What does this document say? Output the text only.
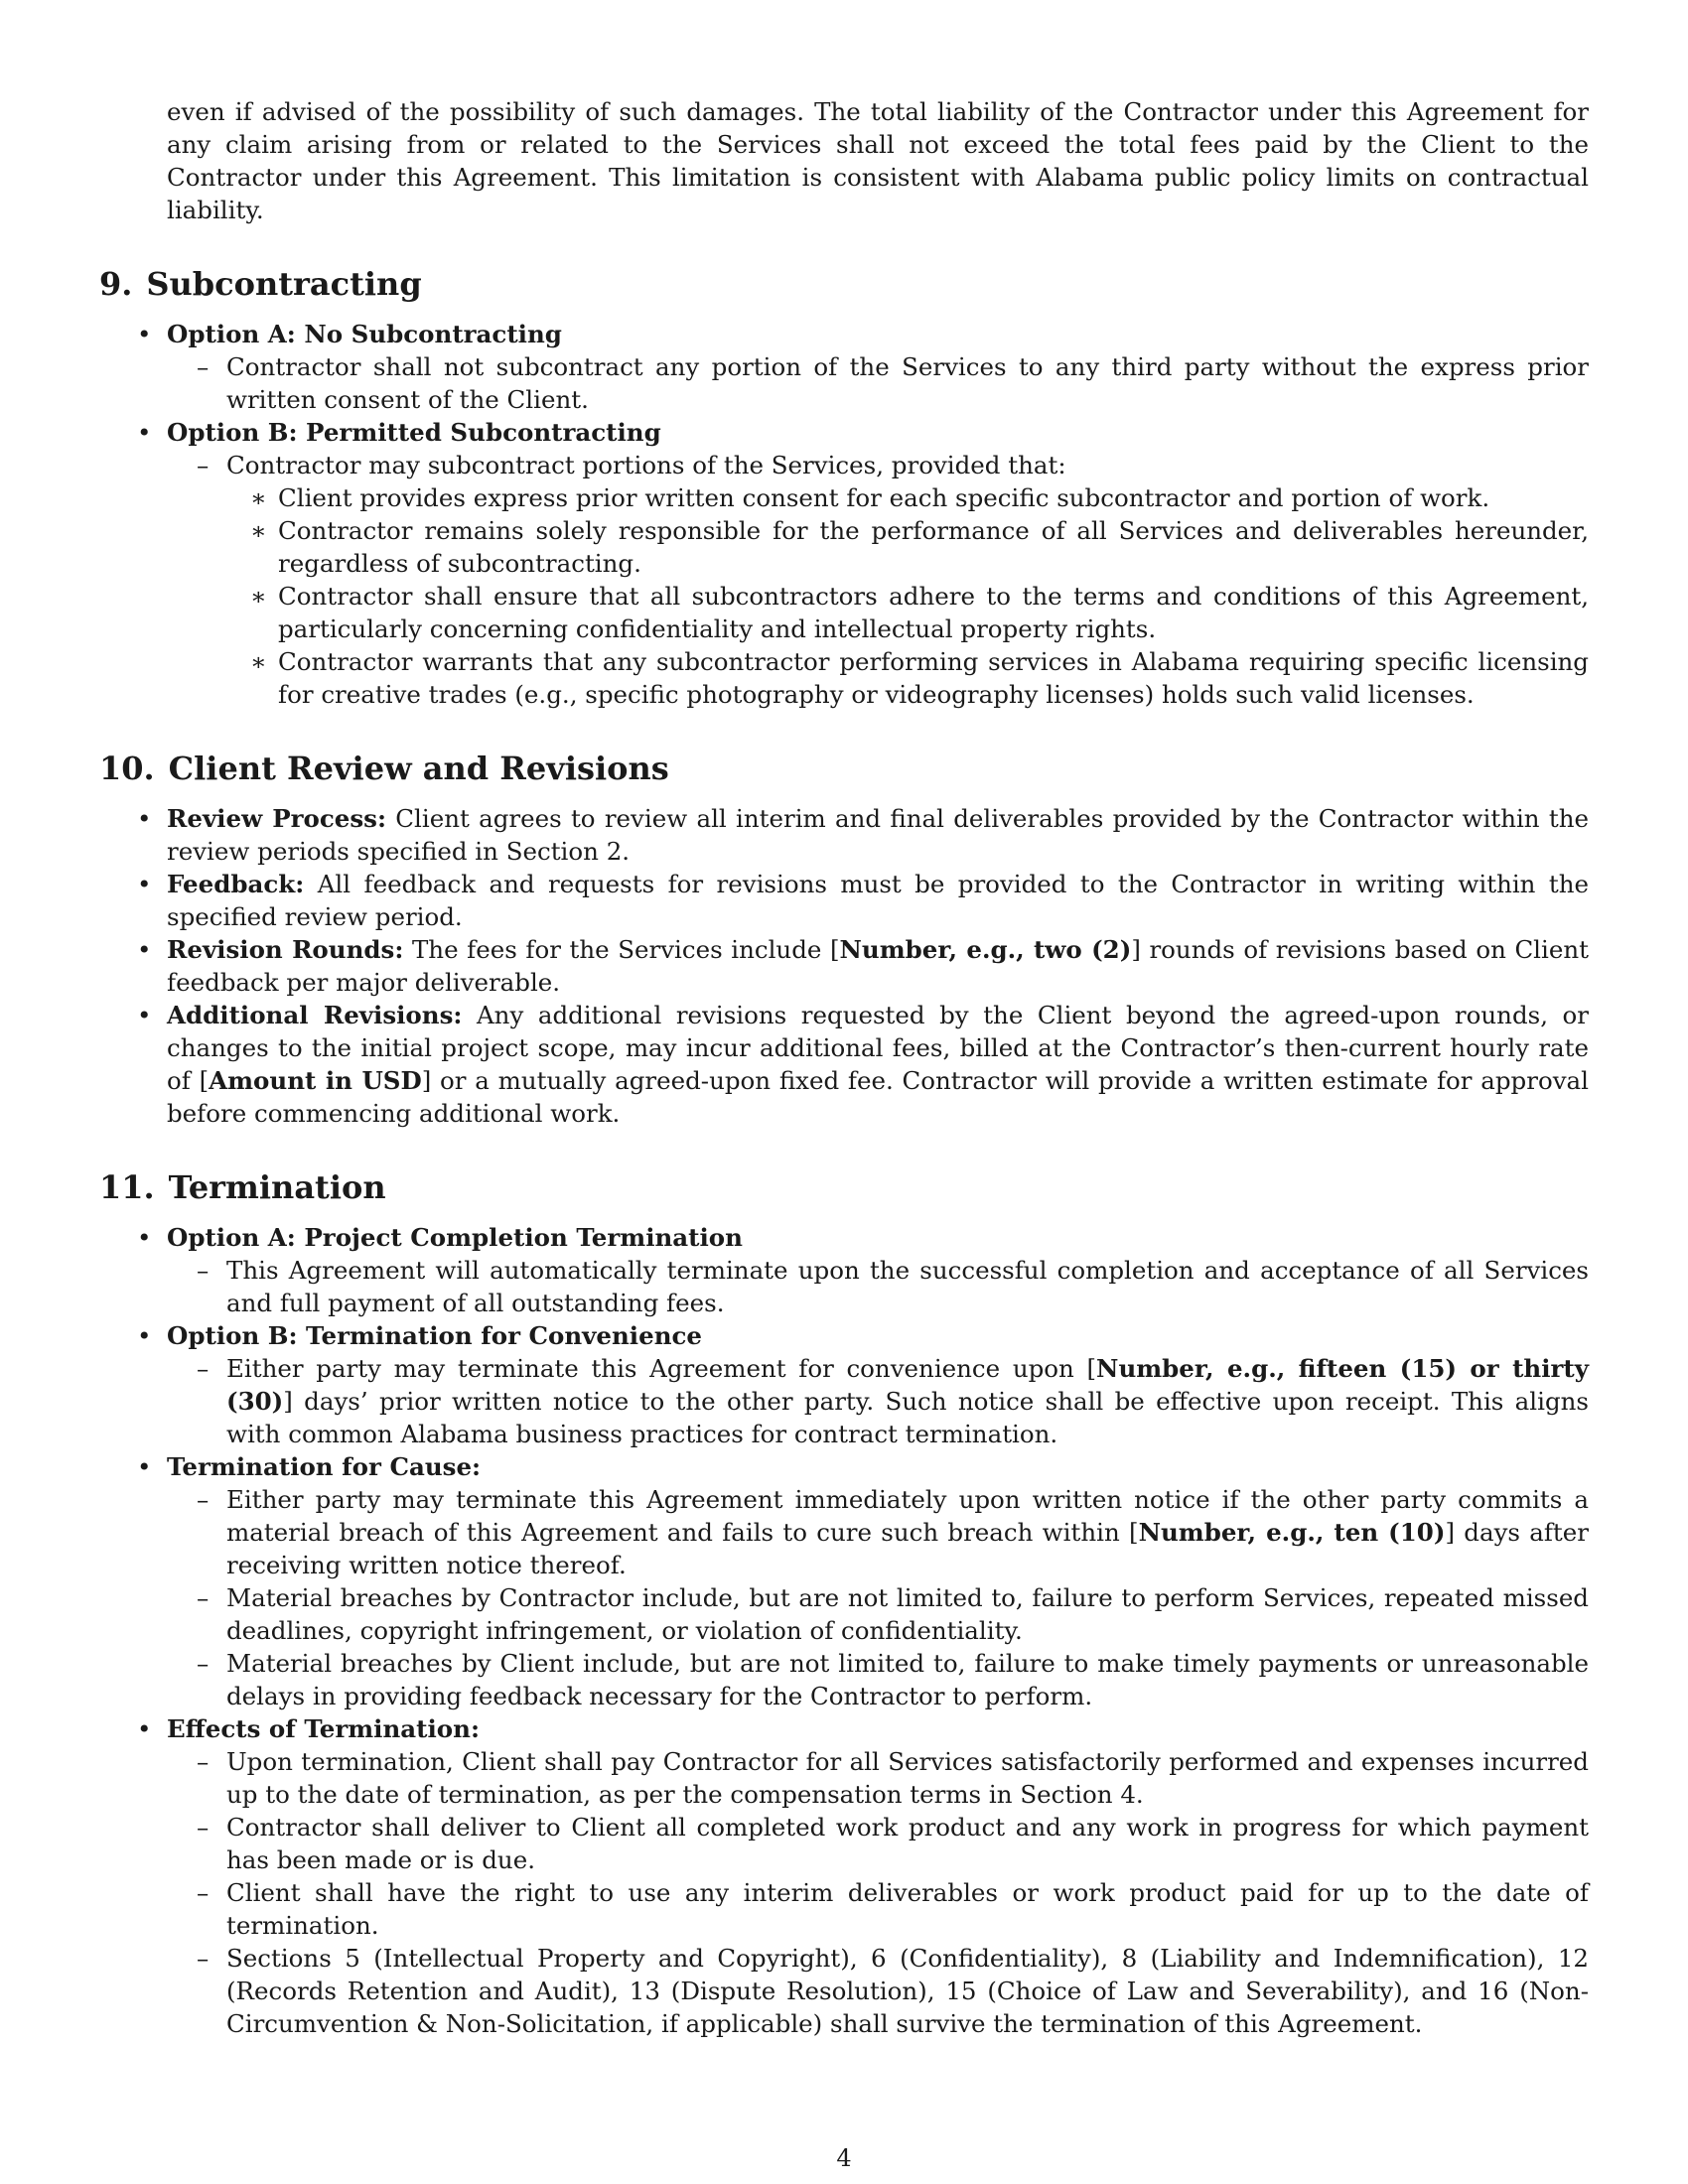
even if advised of the possibility of such damages. The total liability of the Contractor under this Agreement for any claim arising from or related to the Services shall not exceed the total fees paid by the Client to the Contractor under this Agreement. This limitation is consistent with Alabama public policy limits on contractual liability.

9. Subcontracting
• Option A: No Subcontracting
– Contractor shall not subcontract any portion of the Services to any third party without the express prior written consent of the Client.
• Option B: Permitted Subcontracting
– Contractor may subcontract portions of the Services, provided that:
∗ Client provides express prior written consent for each specific subcontractor and portion of work.
∗ Contractor remains solely responsible for the performance of all Services and deliverables hereunder, regardless of subcontracting.
∗ Contractor shall ensure that all subcontractors adhere to the terms and conditions of this Agreement, particularly concerning confidentiality and intellectual property rights.
∗ Contractor warrants that any subcontractor performing services in Alabama requiring specific licensing for creative trades (e.g., specific photography or videography licenses) holds such valid licenses.
10. Client Review and Revisions
• Review Process: Client agrees to review all interim and final deliverables provided by the Contractor within the review periods specified in Section 2.
• Feedback: All feedback and requests for revisions must be provided to the Contractor in writing within the specified review period.
• Revision Rounds: The fees for the Services include [Number, e.g., two (2)] rounds of revisions based on Client feedback per major deliverable.
• Additional Revisions: Any additional revisions requested by the Client beyond the agreed-upon rounds, or changes to the initial project scope, may incur additional fees, billed at the Contractor’s then-current hourly rate of [Amount in USD] or a mutually agreed-upon fixed fee. Contractor will provide a written estimate for approval before commencing additional work.
11. Termination
• Option A: Project Completion Termination
– This Agreement will automatically terminate upon the successful completion and acceptance of all Services and full payment of all outstanding fees.
• Option B: Termination for Convenience
– Either party may terminate this Agreement for convenience upon [Number, e.g., fifteen (15) or thirty (30)] days’ prior written notice to the other party. Such notice shall be effective upon receipt. This aligns with common Alabama business practices for contract termination.
• Termination for Cause:
– Either party may terminate this Agreement immediately upon written notice if the other party commits a material breach of this Agreement and fails to cure such breach within [Number, e.g., ten (10)] days after receiving written notice thereof.
– Material breaches by Contractor include, but are not limited to, failure to perform Services, repeated missed deadlines, copyright infringement, or violation of confidentiality.
– Material breaches by Client include, but are not limited to, failure to make timely payments or unreasonable delays in providing feedback necessary for the Contractor to perform.
• Effects of Termination:
– Upon termination, Client shall pay Contractor for all Services satisfactorily performed and expenses incurred up to the date of termination, as per the compensation terms in Section 4.
– Contractor shall deliver to Client all completed work product and any work in progress for which payment has been made or is due.
– Client shall have the right to use any interim deliverables or work product paid for up to the date of termination.
– Sections 5 (Intellectual Property and Copyright), 6 (Confidentiality), 8 (Liability and Indemnification), 12 (Records Retention and Audit), 13 (Dispute Resolution), 15 (Choice of Law and Severability), and 16 (Non-Circumvention & Non-Solicitation, if applicable) shall survive the termination of this Agreement.
4
